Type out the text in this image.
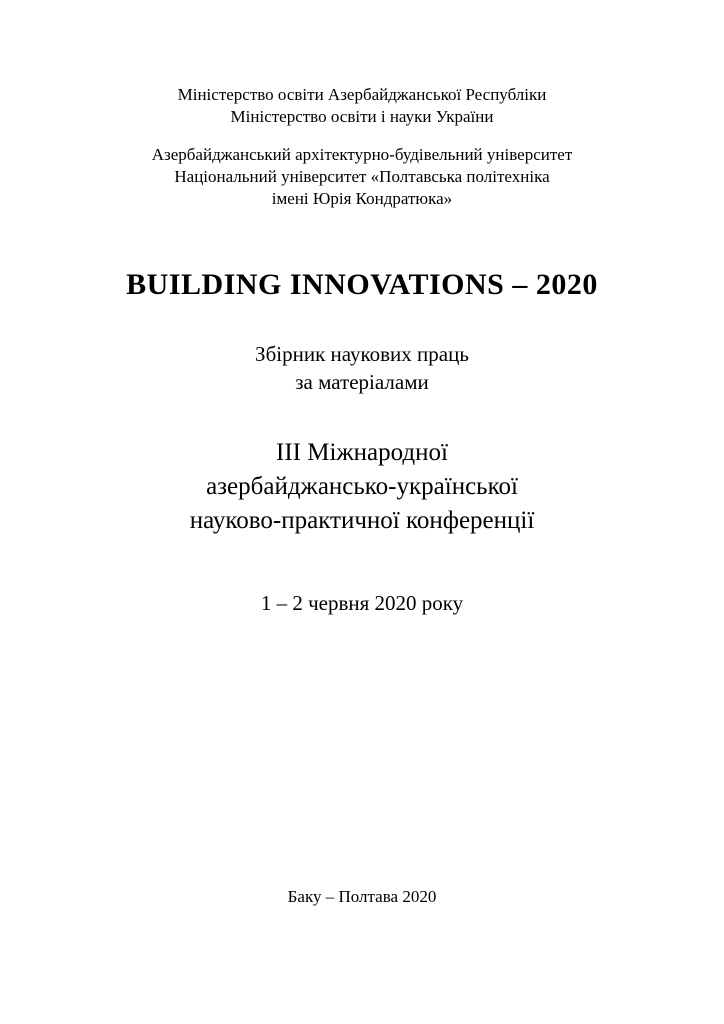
Міністерство освіти Азербайджанської Республіки
Міністерство освіти і науки України
Азербайджанський архітектурно-будівельний університет
Національний університет «Полтавська політехніка
імені Юрія Кондратюка»
BUILDING INNOVATIONS – 2020
Збірник наукових праць
за матеріалами
ІІІ Міжнародної
азербайджансько-української
науково-практичної конференції
1 – 2 червня 2020 року
Баку – Полтава 2020
